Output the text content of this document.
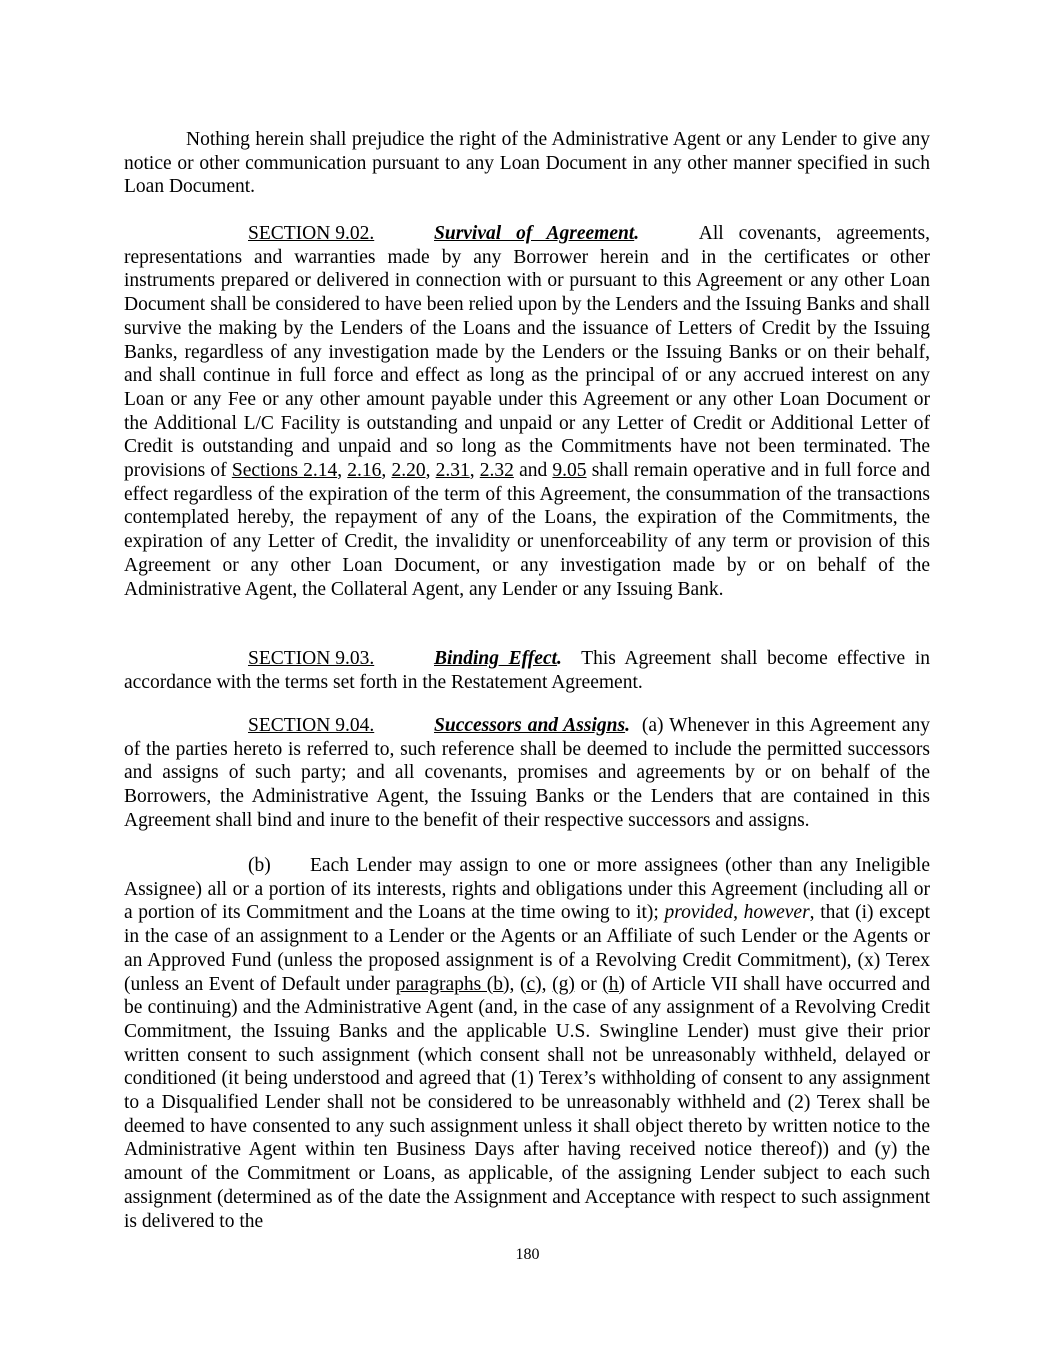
Nothing herein shall prejudice the right of the Administrative Agent or any Lender to give any notice or other communication pursuant to any Loan Document in any other manner specified in such Loan Document.

SECTION 9.02.	Survival of Agreement.	All covenants, agreements, representations and warranties made by any Borrower herein and in the certificates or other instruments prepared or delivered in connection with or pursuant to this Agreement or any other Loan Document shall be considered to have been relied upon by the Lenders and the Issuing Banks and shall survive the making by the Lenders of the Loans and the issuance of Letters of Credit by the Issuing Banks, regardless of any investigation made by the Lenders or the Issuing Banks or on their behalf, and shall continue in full force and effect as long as the principal of or any accrued interest on any Loan or any Fee or any other amount payable under this Agreement or any other Loan Document or the Additional L/C Facility is outstanding and unpaid or any Letter of Credit or Additional Letter of Credit is outstanding and unpaid and so long as the Commitments have not been terminated. The provisions of Sections 2.14, 2.16, 2.20, 2.31, 2.32 and 9.05 shall remain operative and in full force and effect regardless of the expiration of the term of this Agreement, the consummation of the transactions contemplated hereby, the repayment of any of the Loans, the expiration of the Commitments, the expiration of any Letter of Credit, the invalidity or unenforceability of any term or provision of this Agreement or any other Loan Document, or any investigation made by or on behalf of the Administrative Agent, the Collateral Agent, any Lender or any Issuing Bank.

SECTION 9.03.	Binding Effect. This Agreement shall become effective in accordance with the terms set forth in the Restatement Agreement.

SECTION 9.04.	Successors and Assigns. (a) Whenever in this Agreement any of the parties hereto is referred to, such reference shall be deemed to include the permitted successors and assigns of such party; and all covenants, promises and agreements by or on behalf of the Borrowers, the Administrative Agent, the Issuing Banks or the Lenders that are contained in this Agreement shall bind and inure to the benefit of their respective successors and assigns.

(b) Each Lender may assign to one or more assignees (other than any Ineligible Assignee) all or a portion of its interests, rights and obligations under this Agreement (including all or a portion of its Commitment and the Loans at the time owing to it); provided, however, that (i) except in the case of an assignment to a Lender or the Agents or an Affiliate of such Lender or the Agents or an Approved Fund (unless the proposed assignment is of a Revolving Credit Commitment), (x) Terex (unless an Event of Default under paragraphs (b), (c), (g) or (h) of Article VII shall have occurred and be continuing) and the Administrative Agent (and, in the case of any assignment of a Revolving Credit Commitment, the Issuing Banks and the applicable U.S. Swingline Lender) must give their prior written consent to such assignment (which consent shall not be unreasonably withheld, delayed or conditioned (it being understood and agreed that (1) Terex’s withholding of consent to any assignment to a Disqualified Lender shall not be considered to be unreasonably withheld and (2) Terex shall be deemed to have consented to any such assignment unless it shall object thereto by written notice to the Administrative Agent within ten Business Days after having received notice thereof)) and (y) the amount of the Commitment or Loans, as applicable, of the assigning Lender subject to each such assignment (determined as of the date the Assignment and Acceptance with respect to such assignment is delivered to the

180
